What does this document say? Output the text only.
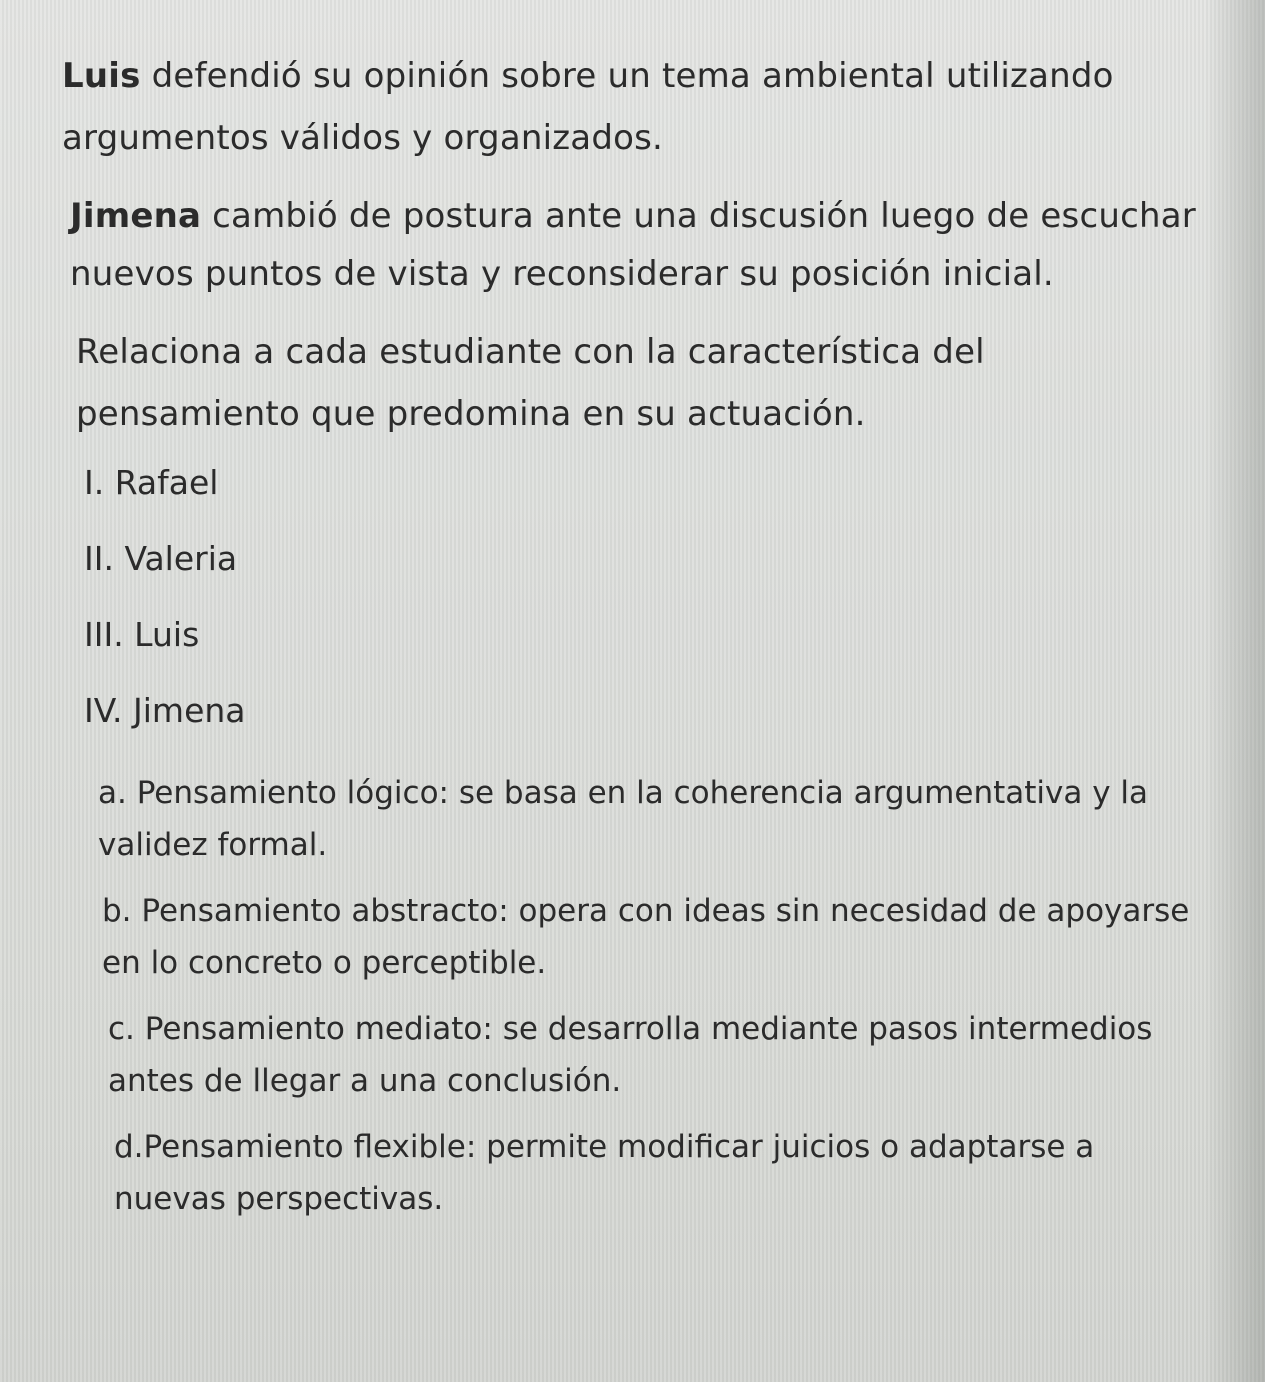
Luis defendió su opinión sobre un tema ambiental utilizando argumentos válidos y organizados.

Jimena cambió de postura ante una discusión luego de escuchar nuevos puntos de vista y reconsiderar su posición inicial.

Relaciona a cada estudiante con la característica del pensamiento que predomina en su actuación.

I. Rafael
II. Valeria
III. Luis
IV. Jimena
a. Pensamiento lógico: se basa en la coherencia argumentativa y la validez formal.
b. Pensamiento abstracto: opera con ideas sin necesidad de apoyarse en lo concreto o perceptible.
c. Pensamiento mediato: se desarrolla mediante pasos intermedios antes de llegar a una conclusión.
d.Pensamiento flexible: permite modificar juicios o adaptarse a nuevas perspectivas.
